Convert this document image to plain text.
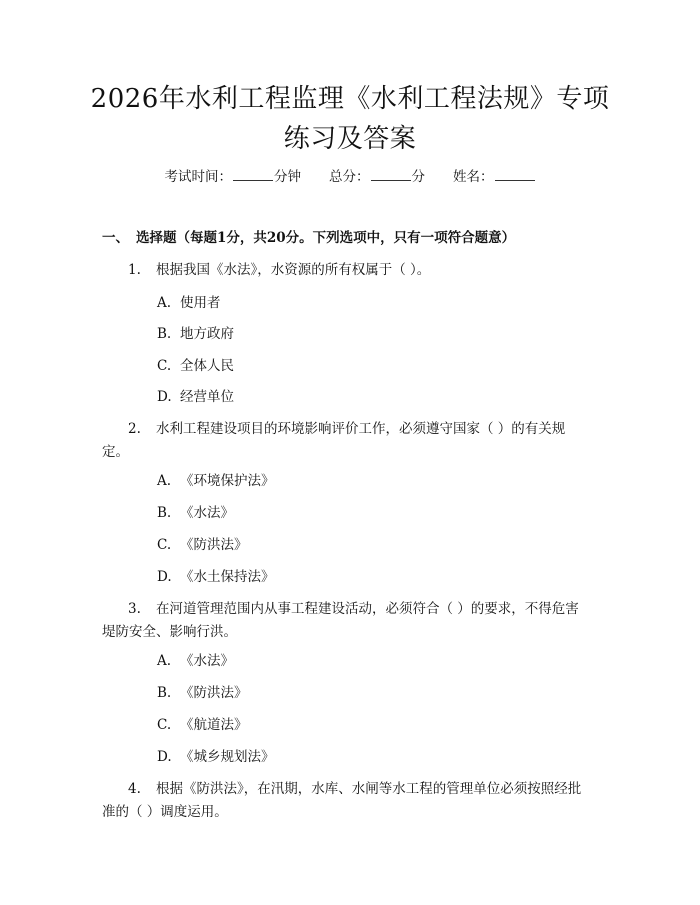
2026年水利工程监理《水利工程法规》专项
练习及答案
考试时间：	分钟 总分：	分 姓名：
一、 选择题（每题1分，共20分。下列选项中，只有一项符合题意）
1. 根据我国《水法》，水资源的所有权属于（ ）。
A. 使用者
B. 地方政府
C. 全体人民
D. 经营单位
2. 水利工程建设项目的环境影响评价工作，必须遵守国家（ ）的有关规
定。
A. 《环境保护法》
B. 《水法》
C. 《防洪法》
D. 《水土保持法》
3. 在河道管理范围内从事工程建设活动，必须符合（ ）的要求，不得危害
堤防安全、影响行洪。
A. 《水法》
B. 《防洪法》
C. 《航道法》
D. 《城乡规划法》
4. 根据《防洪法》，在汛期，水库、水闸等水工程的管理单位必须按照经批
准的（ ）调度运用。
